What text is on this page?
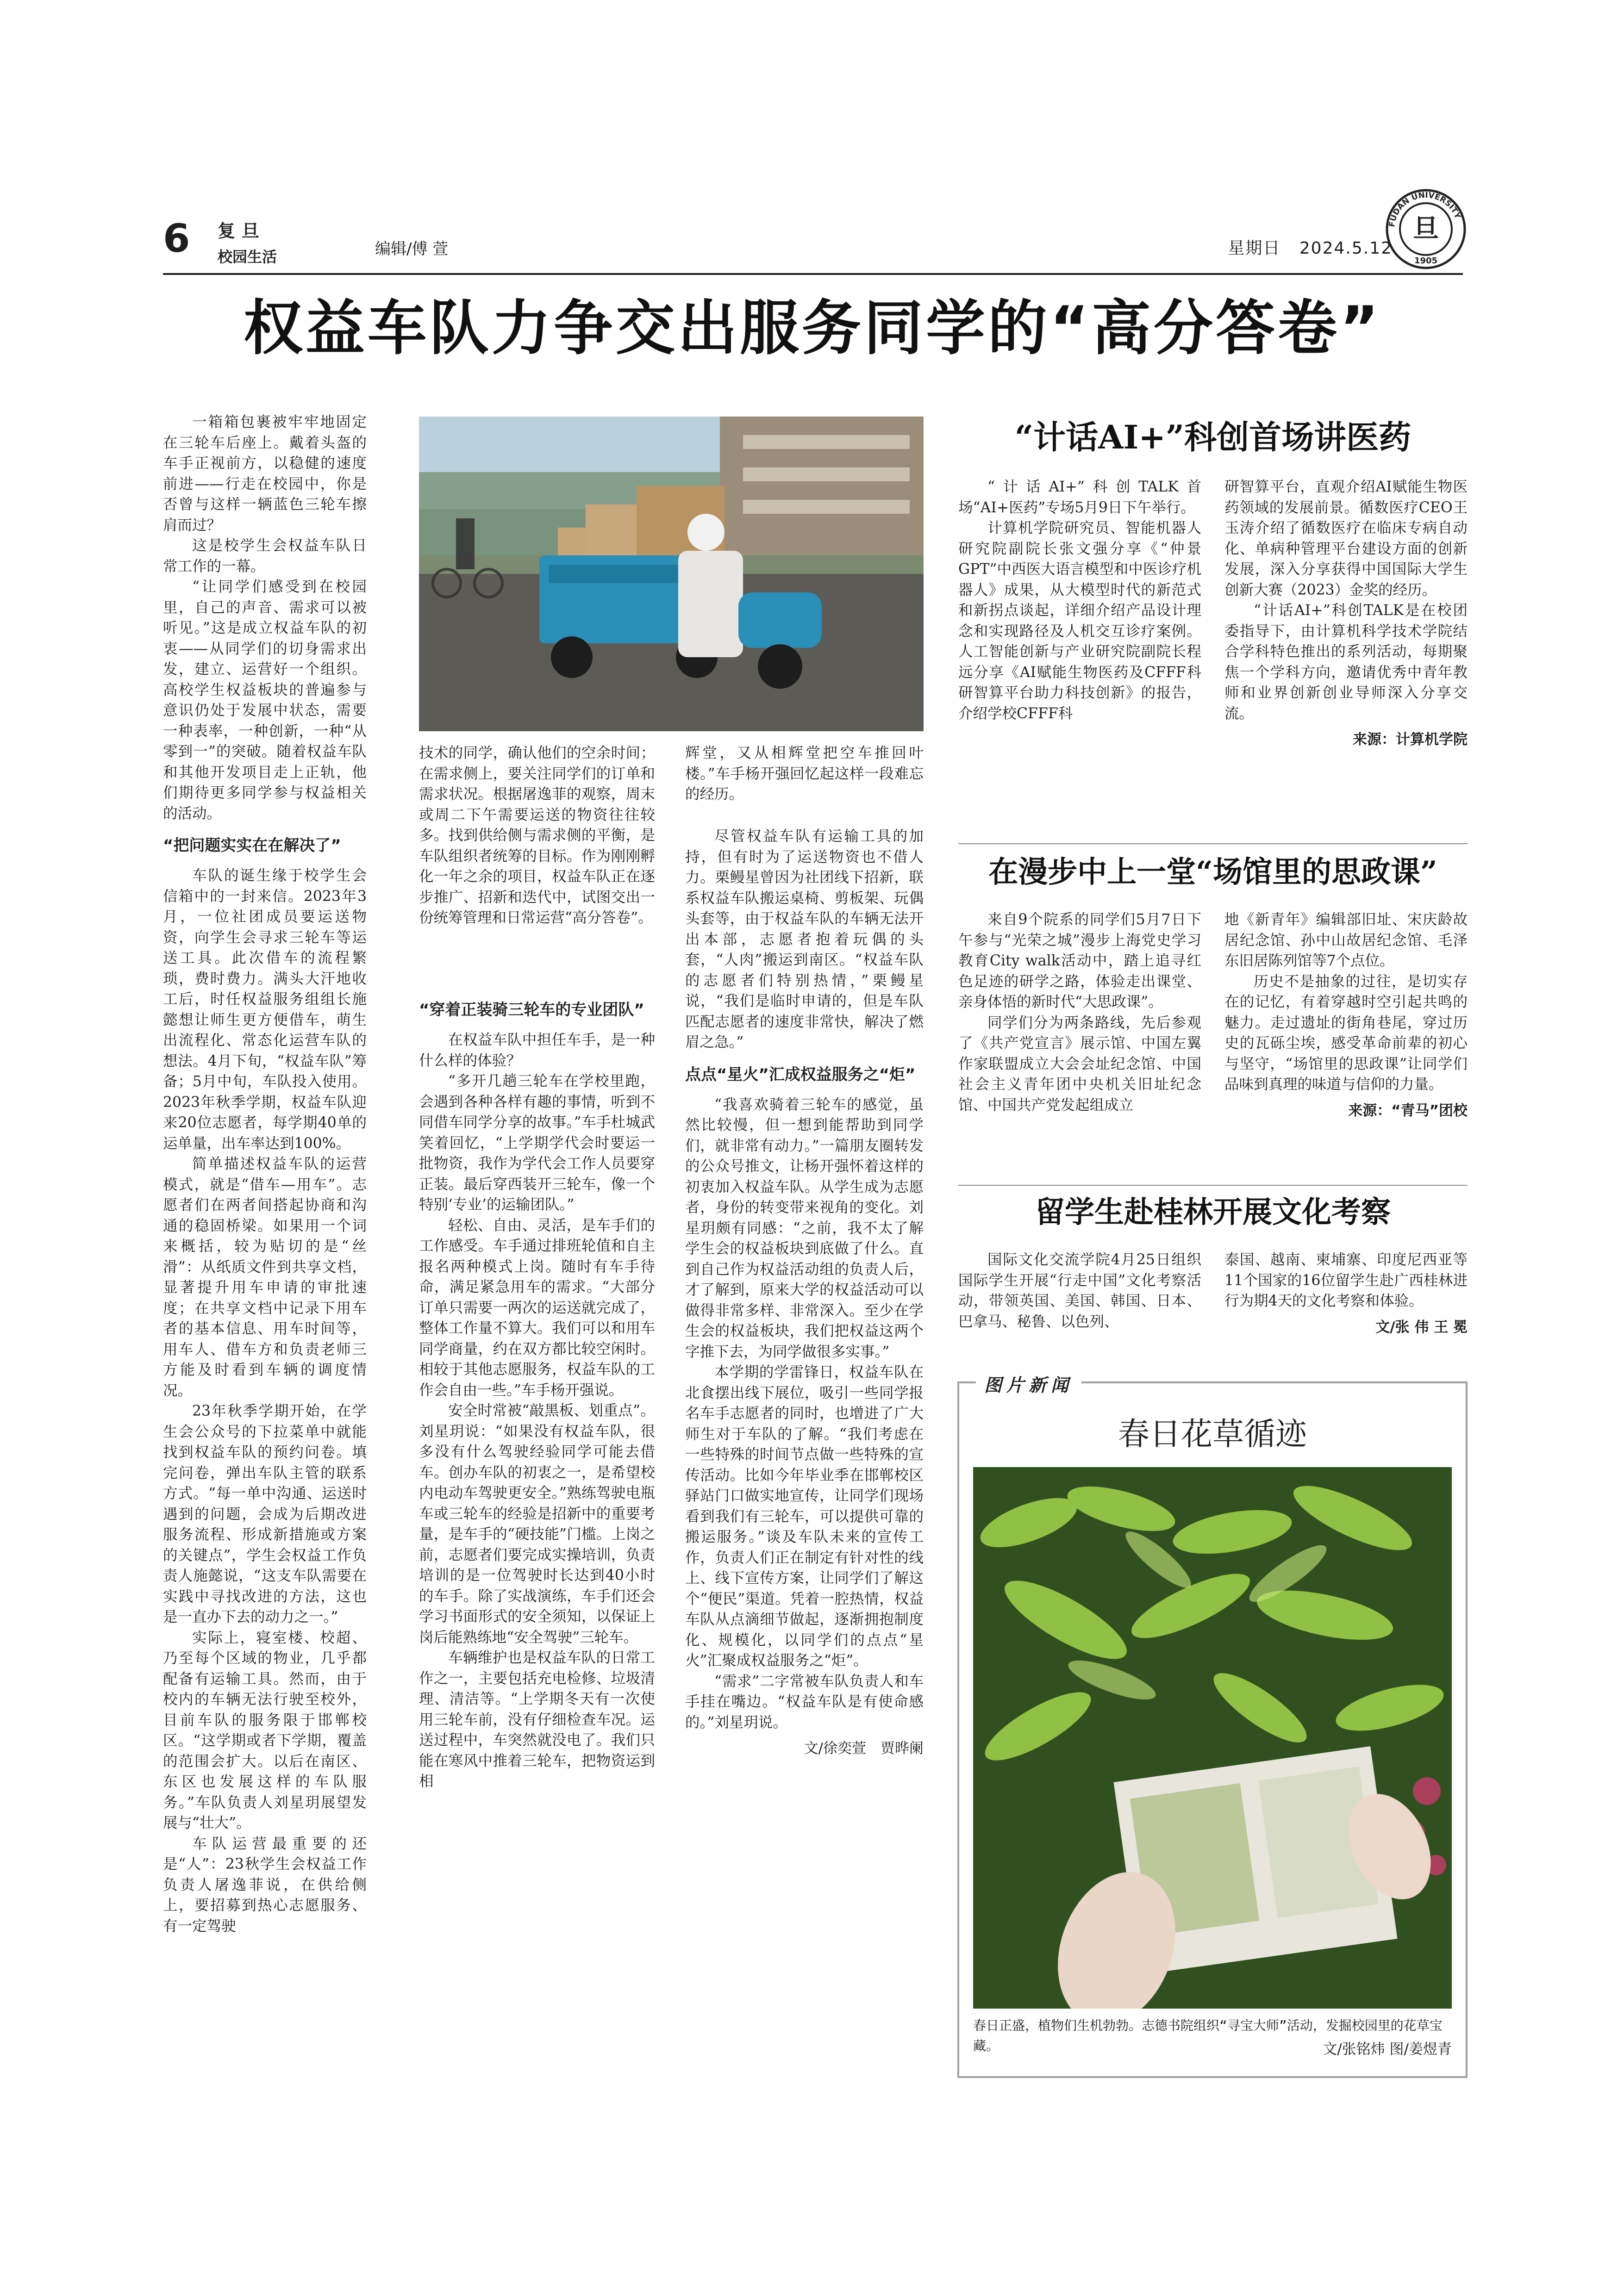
6 复旦
校园生活	编辑/傅 萱	星期日 2024.5.12
FUDAN UNIVERSITY
旦
1905
权益车队力争交出服务同学的“高分答卷”

一箱箱包裹被牢牢地固定在三轮车后座上。戴着头盔的车手正视前方，以稳健的速度前进——行走在校园中，你是否曾与这样一辆蓝色三轮车擦肩而过？

这是校学生会权益车队日常工作的一幕。

“让同学们感受到在校园里，自己的声音、需求可以被听见。”这是成立权益车队的初衷——从同学们的切身需求出发，建立、运营好一个组织。高校学生权益板块的普遍参与意识仍处于发展中状态，需要一种表率，一种创新，一种“从零到一”的突破。随着权益车队和其他开发项目走上正轨，他们期待更多同学参与权益相关的活动。

“把问题实实在在解决了”

车队的诞生缘于校学生会信箱中的一封来信。2023年3月，一位社团成员要运送物资，向学生会寻求三轮车等运送工具。此次借车的流程繁琐，费时费力。满头大汗地收工后，时任权益服务组组长施懿想让师生更方便借车，萌生出流程化、常态化运营车队的想法。4月下旬，“权益车队”筹备；5月中旬，车队投入使用。2023年秋季学期，权益车队迎来20位志愿者，每学期40单的运单量，出车率达到100%。

简单描述权益车队的运营模式，就是“借车—用车”。志愿者们在两者间搭起协商和沟通的稳固桥梁。如果用一个词来概括，较为贴切的是“丝滑”：从纸质文件到共享文档，显著提升用车申请的审批速度；在共享文档中记录下用车者的基本信息、用车时间等，用车人、借车方和负责老师三方能及时看到车辆的调度情况。

23年秋季学期开始，在学生会公众号的下拉菜单中就能找到权益车队的预约问卷。填完问卷，弹出车队主管的联系方式。“每一单中沟通、运送时遇到的问题，会成为后期改进服务流程、形成新措施或方案的关键点”，学生会权益工作负责人施懿说，“这支车队需要在实践中寻找改进的方法，这也是一直办下去的动力之一。”

实际上，寝室楼、校超、乃至每个区域的物业，几乎都配备有运输工具。然而，由于校内的车辆无法行驶至校外，目前车队的服务限于邯郸校区。“这学期或者下学期，覆盖的范围会扩大。以后在南区、东区也发展这样的车队服务。”车队负责人刘星玥展望发展与“壮大”。

车队运营最重要的还是“人”：23秋学生会权益工作负责人屠逸菲说，在供给侧上，要招募到热心志愿服务、有一定驾驶

技术的同学，确认他们的空余时间；在需求侧上，要关注同学们的订单和需求状况。根据屠逸菲的观察，周末或周二下午需要运送的物资往往较多。找到供给侧与需求侧的平衡，是车队组织者统筹的目标。作为刚刚孵化一年之余的项目，权益车队正在逐步推广、招新和迭代中，试图交出一份统筹管理和日常运营“高分答卷”。

辉堂，又从相辉堂把空车推回叶楼。”车手杨开强回忆起这样一段难忘的经历。

“穿着正装骑三轮车的专业团队”

在权益车队中担任车手，是一种什么样的体验？

“多开几趟三轮车在学校里跑，会遇到各种各样有趣的事情，听到不同借车同学分享的故事。”车手杜城武笑着回忆，“上学期学代会时要运一批物资，我作为学代会工作人员要穿正装。最后穿西装开三轮车，像一个特别‘专业’的运输团队。”

轻松、自由、灵活，是车手们的工作感受。车手通过排班轮值和自主报名两种模式上岗。随时有车手待命，满足紧急用车的需求。“大部分订单只需要一两次的运送就完成了，整体工作量不算大。我们可以和用车同学商量，约在双方都比较空闲时。相较于其他志愿服务，权益车队的工作会自由一些。”车手杨开强说。

安全时常被“敲黑板、划重点”。刘星玥说：“如果没有权益车队，很多没有什么驾驶经验同学可能去借车。创办车队的初衷之一，是希望校内电动车驾驶更安全。”熟练驾驶电瓶车或三轮车的经验是招新中的重要考量，是车手的“硬技能”门槛。上岗之前，志愿者们要完成实操培训，负责培训的是一位驾驶时长达到40小时的车手。除了实战演练，车手们还会学习书面形式的安全须知，以保证上岗后能熟练地“安全驾驶”三轮车。

车辆维护也是权益车队的日常工作之一，主要包括充电检修、垃圾清理、清洁等。“上学期冬天有一次使用三轮车前，没有仔细检查车况。运送过程中，车突然就没电了。我们只能在寒风中推着三轮车，把物资运到相

尽管权益车队有运输工具的加持，但有时为了运送物资也不借人力。栗鳗星曾因为社团线下招新，联系权益车队搬运桌椅、剪板架、玩偶头套等，由于权益车队的车辆无法开出本部，志愿者抱着玩偶的头套，“人肉”搬运到南区。“权益车队的志愿者们特别热情，”栗鳗星说，“我们是临时申请的，但是车队匹配志愿者的速度非常快，解决了燃眉之急。”

点点“星火”汇成权益服务之“炬”

“我喜欢骑着三轮车的感觉，虽然比较慢，但一想到能帮助到同学们，就非常有动力。”一篇朋友圈转发的公众号推文，让杨开强怀着这样的初衷加入权益车队。从学生成为志愿者，身份的转变带来视角的变化。刘星玥颇有同感：“之前，我不太了解学生会的权益板块到底做了什么。直到自己作为权益活动组的负责人后，才了解到，原来大学的权益活动可以做得非常多样、非常深入。至少在学生会的权益板块，我们把权益这两个字推下去，为同学做很多实事。”

本学期的学雷锋日，权益车队在北食摆出线下展位，吸引一些同学报名车手志愿者的同时，也增进了广大师生对于车队的了解。“我们考虑在一些特殊的时间节点做一些特殊的宣传活动。比如今年毕业季在邯郸校区驿站门口做实地宣传，让同学们现场看到我们有三轮车，可以提供可靠的搬运服务。”谈及车队未来的宣传工作，负责人们正在制定有针对性的线上、线下宣传方案，让同学们了解这个“便民”渠道。凭着一腔热情，权益车队从点滴细节做起，逐渐拥抱制度化、规模化，以同学们的点点“星火”汇聚成权益服务之“炬”。

“需求”二字常被车队负责人和车手挂在嘴边。“权益车队是有使命感的。”刘星玥说。

文/徐奕萱　贾晔阑
“计话AI+”科创首场讲医药

“计话AI+”科创TALK首场“AI+医药”专场5月9日下午举行。

计算机学院研究员、智能机器人研究院副院长张文强分享《“仲景GPT”中西医大语言模型和中医诊疗机器人》成果，从大模型时代的新范式和新拐点谈起，详细介绍产品设计理念和实现路径及人机交互诊疗案例。人工智能创新与产业研究院副院长程远分享《AI赋能生物医药及CFFF科研智算平台助力科技创新》的报告，介绍学校CFFF科

研智算平台，直观介绍AI赋能生物医药领域的发展前景。循数医疗CEO王玉涛介绍了循数医疗在临床专病自动化、单病种管理平台建设方面的创新发展，深入分享获得中国国际大学生创新大赛（2023）金奖的经历。

“计话AI+”科创TALK是在校团委指导下，由计算机科学技术学院结合学科特色推出的系列活动，每期聚焦一个学科方向，邀请优秀中青年教师和业界创新创业导师深入分享交流。

来源：计算机学院
在漫步中上一堂“场馆里的思政课”

来自9个院系的同学们5月7日下午参与“光荣之城”漫步上海党史学习教育City walk活动中，踏上追寻红色足迹的研学之路，体验走出课堂、亲身体悟的新时代“大思政课”。

同学们分为两条路线，先后参观了《共产党宣言》展示馆、中国左翼作家联盟成立大会会址纪念馆、中国社会主义青年团中央机关旧址纪念馆、中国共产党发起组成立

地《新青年》编辑部旧址、宋庆龄故居纪念馆、孙中山故居纪念馆、毛泽东旧居陈列馆等7个点位。

历史不是抽象的过往，是切实存在的记忆，有着穿越时空引起共鸣的魅力。走过遗址的街角巷尾，穿过历史的瓦砾尘埃，感受革命前辈的初心与坚守，“场馆里的思政课”让同学们品味到真理的味道与信仰的力量。

来源：“青马”团校
留学生赴桂林开展文化考察

国际文化交流学院4月25日组织国际学生开展“行走中国”文化考察活动，带领英国、美国、韩国、日本、巴拿马、秘鲁、以色列、

泰国、越南、柬埔寨、印度尼西亚等11个国家的16位留学生赴广西桂林进行为期4天的文化考察和体验。

文/张 伟 王 冕
图片新闻
春日花草循迹
春日正盛，植物们生机勃勃。志德书院组织“寻宝大师”活动，发掘校园里的花草宝藏。	文/张铭炜 图/姜煜青
